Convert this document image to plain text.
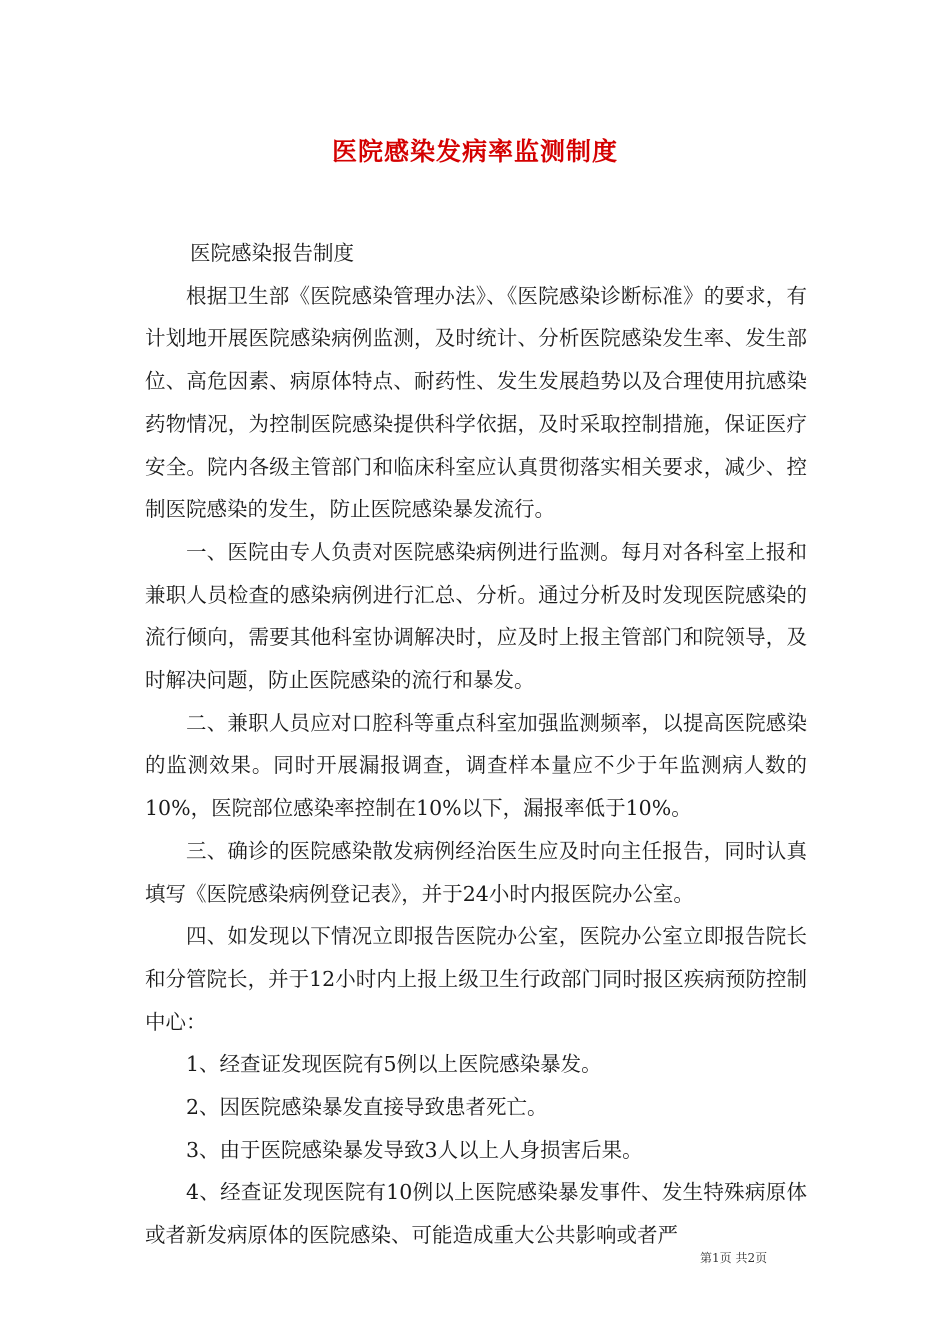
医院感染发病率监测制度

医院感染报告制度

根据卫生部《医院感染管理办法》、《医院感染诊断标准》的要求，有计划地开展医院感染病例监测，及时统计、分析医院感染发生率、发生部位、高危因素、病原体特点、耐药性、发生发展趋势以及合理使用抗感染药物情况，为控制医院感染提供科学依据，及时采取控制措施，保证医疗安全。院内各级主管部门和临床科室应认真贯彻落实相关要求，减少、控制医院感染的发生，防止医院感染暴发流行。

一、医院由专人负责对医院感染病例进行监测。每月对各科室上报和兼职人员检查的感染病例进行汇总、分析。通过分析及时发现医院感染的流行倾向，需要其他科室协调解决时，应及时上报主管部门和院领导，及时解决问题，防止医院感染的流行和暴发。

二、兼职人员应对口腔科等重点科室加强监测频率，以提高医院感染的监测效果。同时开展漏报调查，调查样本量应不少于年监测病人数的10%，医院部位感染率控制在10%以下，漏报率低于10%。

三、确诊的医院感染散发病例经治医生应及时向主任报告，同时认真填写《医院感染病例登记表》，并于24小时内报医院办公室。

四、如发现以下情况立即报告医院办公室，医院办公室立即报告院长和分管院长，并于12小时内上报上级卫生行政部门同时报区疾病预防控制中心：

1、经查证发现医院有5例以上医院感染暴发。

2、因医院感染暴发直接导致患者死亡。

3、由于医院感染暴发导致3人以上人身损害后果。

4、经查证发现医院有10例以上医院感染暴发事件、发生特殊病原体或者新发病原体的医院感染、可能造成重大公共影响或者严

第1页 共2页
